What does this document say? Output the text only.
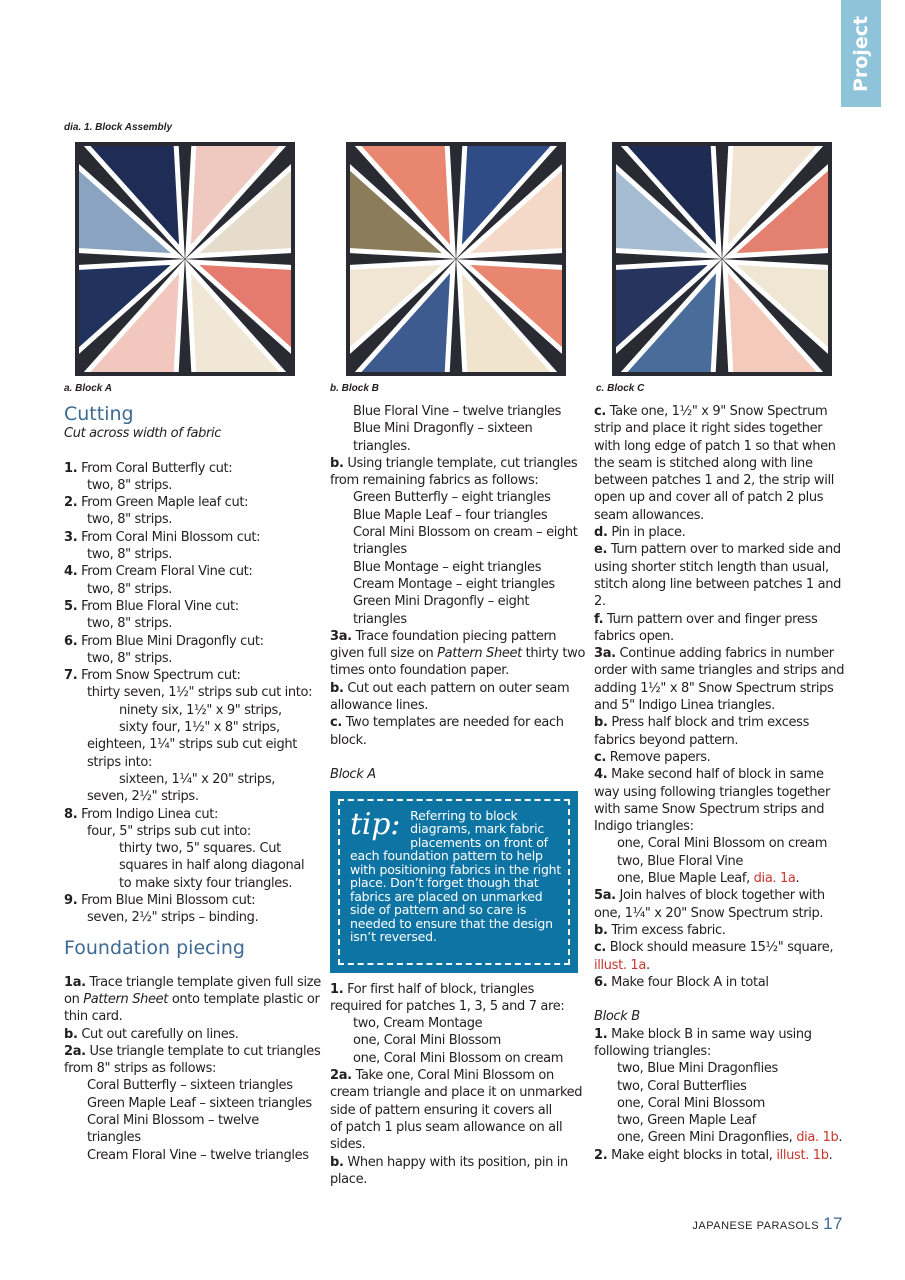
Project
dia. 1. Block Assembly
a. Block A	b. Block B	c. Block C
Cutting
Cut across width of fabric
1. From Coral Butterfly cut:
two, 8" strips.
2. From Green Maple leaf cut:
two, 8" strips.
3. From Coral Mini Blossom cut:
two, 8" strips.
4. From Cream Floral Vine cut:
two, 8" strips.
5. From Blue Floral Vine cut:
two, 8" strips.
6. From Blue Mini Dragonfly cut:
two, 8" strips.
7. From Snow Spectrum cut:
thirty seven, 1½" strips sub cut into:
ninety six, 1½" x 9" strips,
sixty four, 1½" x 8" strips,
eighteen, 1¼" strips sub cut eight
strips into:
sixteen, 1¼" x 20" strips,
seven, 2½" strips.
8. From Indigo Linea cut:
four, 5" strips sub cut into:
thirty two, 5" squares. Cut
squares in half along diagonal
to make sixty four triangles.
9. From Blue Mini Blossom cut:
seven, 2½" strips – binding.
Foundation piecing
1a. Trace triangle template given full size
on Pattern Sheet onto template plastic or
thin card.
b. Cut out carefully on lines.
2a. Use triangle template to cut triangles
from 8" strips as follows:
Coral Butterfly – sixteen triangles
Green Maple Leaf – sixteen triangles
Coral Mini Blossom – twelve
triangles
Cream Floral Vine – twelve triangles
Blue Floral Vine – twelve triangles
Blue Mini Dragonfly – sixteen
triangles.
b. Using triangle template, cut triangles
from remaining fabrics as follows:
Green Butterfly – eight triangles
Blue Maple Leaf – four triangles
Coral Mini Blossom on cream – eight
triangles
Blue Montage – eight triangles
Cream Montage – eight triangles
Green Mini Dragonfly – eight
triangles
3a. Trace foundation piecing pattern
given full size on Pattern Sheet thirty two
times onto foundation paper.
b. Cut out each pattern on outer seam
allowance lines.
c. Two templates are needed for each
block.
Block A
tip: Referring to block diagrams, mark fabric placements on front of each foundation pattern to help with positioning fabrics in the right place. Don’t forget though that fabrics are placed on unmarked side of pattern and so care is needed to ensure that the design isn’t reversed.
1. For first half of block, triangles
required for patches 1, 3, 5 and 7 are:
two, Cream Montage
one, Coral Mini Blossom
one, Coral Mini Blossom on cream
2a. Take one, Coral Mini Blossom on
cream triangle and place it on unmarked
side of pattern ensuring it covers all
of patch 1 plus seam allowance on all
sides.
b. When happy with its position, pin in
place.
c. Take one, 1½" x 9" Snow Spectrum
strip and place it right sides together
with long edge of patch 1 so that when
the seam is stitched along with line
between patches 1 and 2, the strip will
open up and cover all of patch 2 plus
seam allowances.
d. Pin in place.
e. Turn pattern over to marked side and
using shorter stitch length than usual,
stitch along line between patches 1 and
2.
f. Turn pattern over and finger press
fabrics open.
3a. Continue adding fabrics in number
order with same triangles and strips and
adding 1½" x 8" Snow Spectrum strips
and 5" Indigo Linea triangles.
b. Press half block and trim excess
fabrics beyond pattern.
c. Remove papers.
4. Make second half of block in same
way using following triangles together
with same Snow Spectrum strips and
Indigo triangles:
one, Coral Mini Blossom on cream
two, Blue Floral Vine
one, Blue Maple Leaf, dia. 1a.
5a. Join halves of block together with
one, 1¼" x 20" Snow Spectrum strip.
b. Trim excess fabric.
c. Block should measure 15½" square,
illust. 1a.
6. Make four Block A in total
Block B
1. Make block B in same way using
following triangles:
two, Blue Mini Dragonflies
two, Coral Butterflies
one, Coral Mini Blossom
two, Green Maple Leaf
one, Green Mini Dragonflies, dia. 1b.
2. Make eight blocks in total, illust. 1b.
JAPANESE PARASOLS 17
